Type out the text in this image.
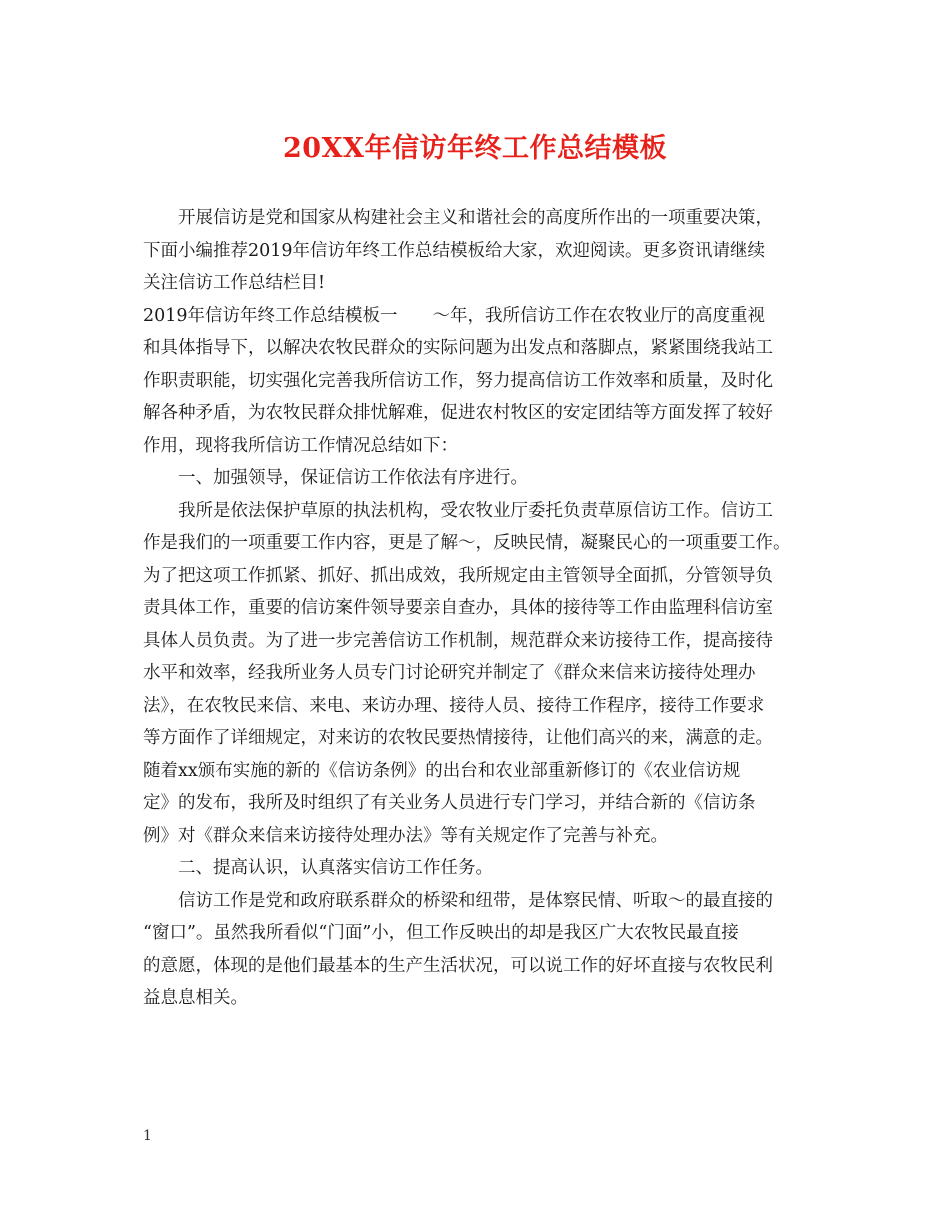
20XX年信访年终工作总结模板
开展信访是党和国家从构建社会主义和谐社会的高度所作出的一项重要决策，
下面小编推荐2019年信访年终工作总结模板给大家，欢迎阅读。更多资讯请继续
关注信访工作总结栏目!
2019年信访年终工作总结模板一　　～年，我所信访工作在农牧业厅的高度重视
和具体指导下，以解决农牧民群众的实际问题为出发点和落脚点，紧紧围绕我站工
作职责职能，切实强化完善我所信访工作，努力提高信访工作效率和质量，及时化
解各种矛盾，为农牧民群众排忧解难，促进农村牧区的安定团结等方面发挥了较好
作用，现将我所信访工作情况总结如下：
一、加强领导，保证信访工作依法有序进行。
我所是依法保护草原的执法机构，受农牧业厅委托负责草原信访工作。信访工
作是我们的一项重要工作内容，更是了解～，反映民情，凝聚民心的一项重要工作。
为了把这项工作抓紧、抓好、抓出成效，我所规定由主管领导全面抓，分管领导负
责具体工作，重要的信访案件领导要亲自查办，具体的接待等工作由监理科信访室
具体人员负责。为了进一步完善信访工作机制，规范群众来访接待工作，提高接待
水平和效率，经我所业务人员专门讨论研究并制定了《群众来信来访接待处理办
法》，在农牧民来信、来电、来访办理、接待人员、接待工作程序，接待工作要求
等方面作了详细规定，对来访的农牧民要热情接待，让他们高兴的来，满意的走。
随着xx颁布实施的新的《信访条例》的出台和农业部重新修订的《农业信访规
定》的发布，我所及时组织了有关业务人员进行专门学习，并结合新的《信访条
例》对《群众来信来访接待处理办法》等有关规定作了完善与补充。
二、提高认识，认真落实信访工作任务。
信访工作是党和政府联系群众的桥梁和纽带，是体察民情、听取～的最直接的
“窗口”。虽然我所看似“门面”小，但工作反映出的却是我区广大农牧民最直接
的意愿，体现的是他们最基本的生产生活状况，可以说工作的好坏直接与农牧民利
益息息相关。
1
